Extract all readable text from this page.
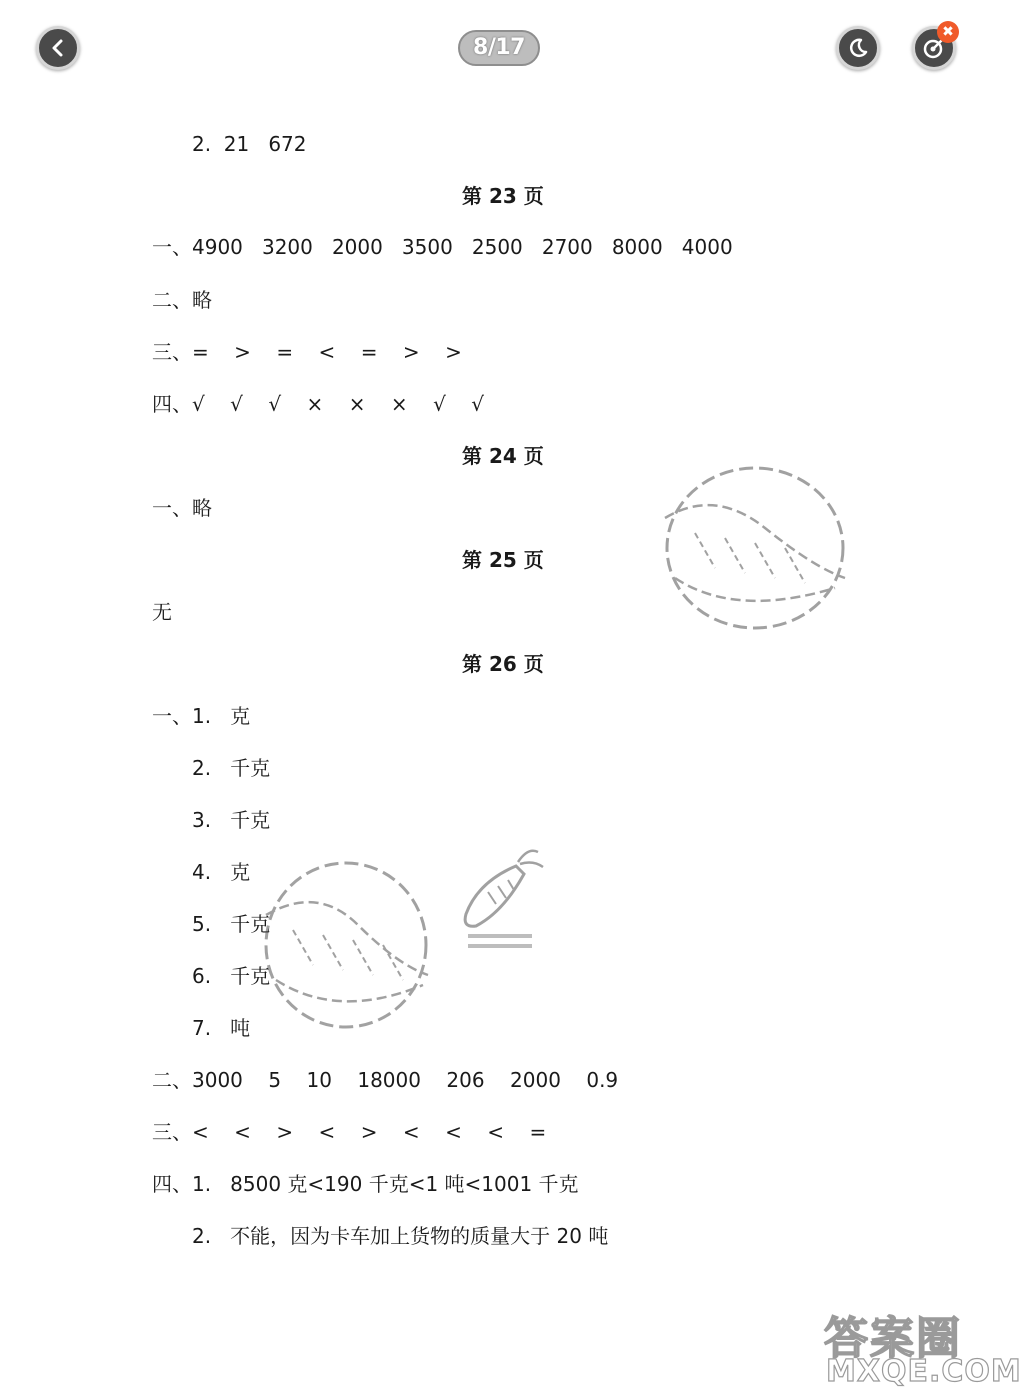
8/17
✖
2.  21   672
第 23 页
一、4900   3200   2000   3500   2500   2700   8000   4000
二、略
三、=    >    =    <    =    >    >
四、√    √    √    ×    ×    ×    √    √
第 24 页
一、略
第 25 页
无
第 26 页
一、1.   克
2.   千克
3.   千克
4.   克
5.   千克
6.   千克
7.   吨
二、3000    5    10    18000    206    2000    0.9
三、<    <    >    <    >    <    <    <    =
四、1.   8500 克<190 千克<1 吨<1001 千克
2.   不能，因为卡车加上货物的质量大于 20 吨
答案圈
MXQE.COM
